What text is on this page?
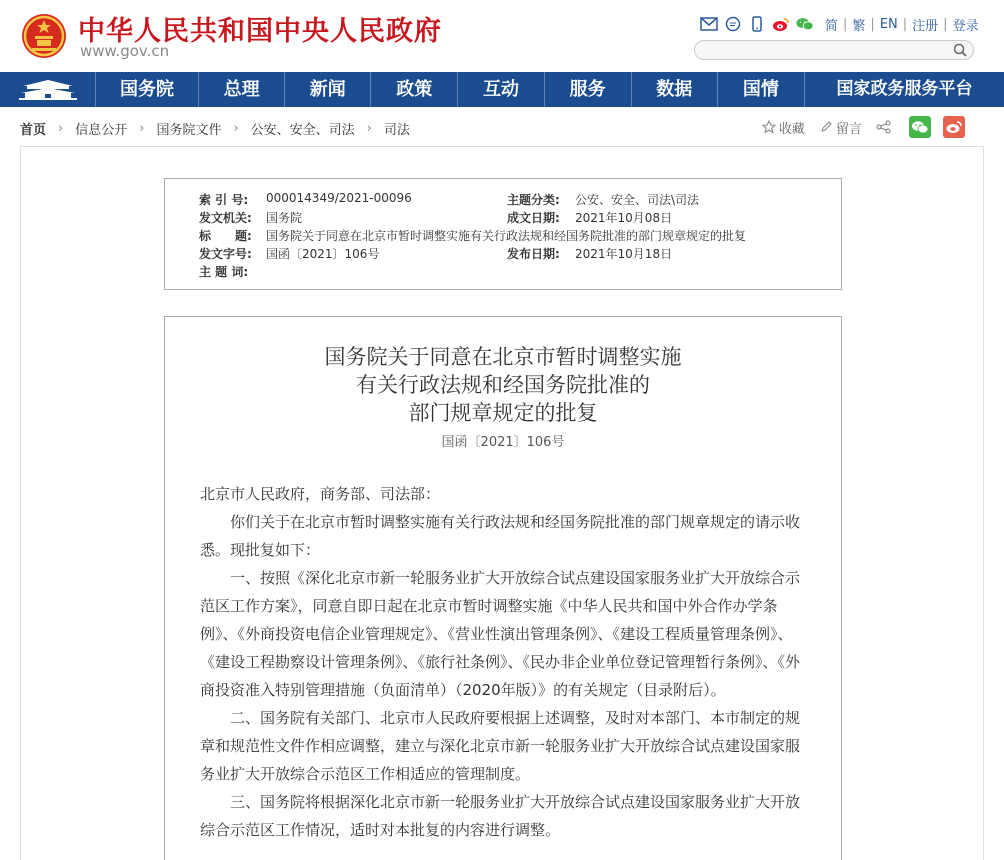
中华人民共和国中央人民政府
www.gov.cn
简 | 繁 | EN | 注册 | 登录
国务院	总理	新闻	政策	互动	服务	数据	国情	国家政务服务平台
首页 › 信息公开 › 国务院文件 › 公安、安全、司法 › 司法	收藏 留言
索 引 号: 000014349/2021-00096	主题分类: 公安、安全、司法\司法
发文机关: 国务院	成文日期: 2021年10月08日
标　　题: 国务院关于同意在北京市暂时调整实施有关行政法规和经国务院批准的部门规章规定的批复
发文字号: 国函〔2021〕106号	发布日期: 2021年10月18日
主 题 词:
国务院关于同意在北京市暂时调整实施
有关行政法规和经国务院批准的
部门规章规定的批复
国函〔2021〕106号

北京市人民政府，商务部、司法部：

你们关于在北京市暂时调整实施有关行政法规和经国务院批准的部门规章规定的请示收悉。现批复如下：

一、按照《深化北京市新一轮服务业扩大开放综合试点建设国家服务业扩大开放综合示范区工作方案》，同意自即日起在北京市暂时调整实施《中华人民共和国中外合作办学条例》、《外商投资电信企业管理规定》、《营业性演出管理条例》、《建设工程质量管理条例》、《建设工程勘察设计管理条例》、《旅行社条例》、《民办非企业单位登记管理暂行条例》、《外商投资准入特别管理措施（负面清单）（2020年版）》的有关规定（目录附后）。

二、国务院有关部门、北京市人民政府要根据上述调整，及时对本部门、本市制定的规章和规范性文件作相应调整，建立与深化北京市新一轮服务业扩大开放综合试点建设国家服务业扩大开放综合示范区工作相适应的管理制度。

三、国务院将根据深化北京市新一轮服务业扩大开放综合试点建设国家服务业扩大开放综合示范区工作情况，适时对本批复的内容进行调整。
